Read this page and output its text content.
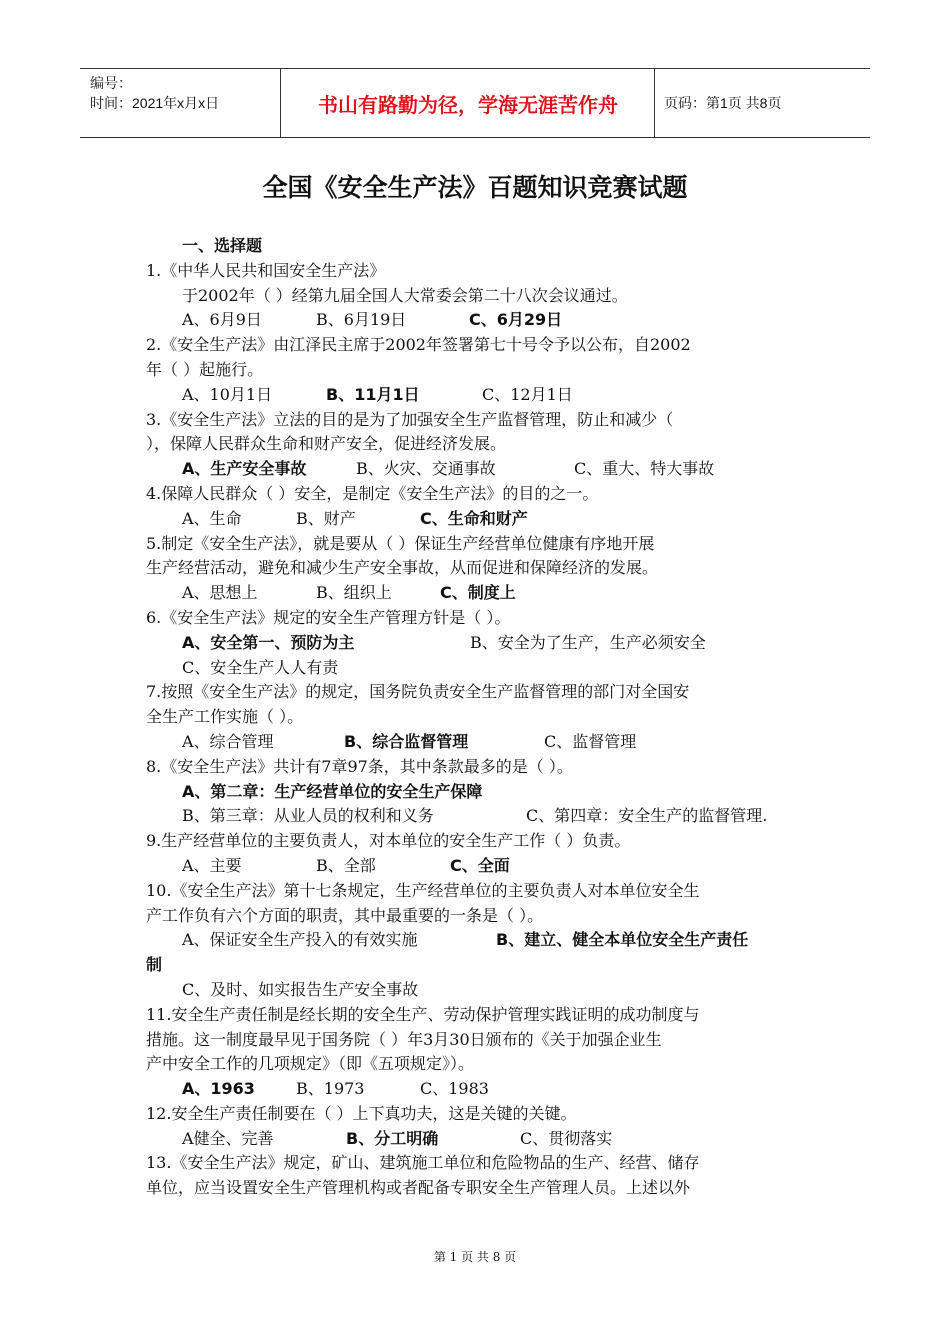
编号：
时间：2021年x月x日	书山有路勤为径，学海无涯苦作舟	页码：第1页 共8页
全国《安全生产法》百题知识竞赛试题
一、选择题
1.《中华人民共和国安全生产法》
于2002年（ ）经第九届全国人大常委会第二十八次会议通过。
A、6月9日	B、6月19日	C、6月29日
2.《安全生产法》由江泽民主席于2002年签署第七十号令予以公布，自2002
年（ ）起施行。
A、10月1日	B、11月1日	C、12月1日
3.《安全生产法》立法的目的是为了加强安全生产监督管理，防止和减少（
），保障人民群众生命和财产安全，促进经济发展。
A、生产安全事故	B、火灾、交通事故	C、重大、特大事故
4.保障人民群众（ ）安全，是制定《安全生产法》的目的之一。
A、生命	B、财产	C、生命和财产
5.制定《安全生产法》，就是要从（ ）保证生产经营单位健康有序地开展
生产经营活动，避免和减少生产安全事故，从而促进和保障经济的发展。
A、思想上	B、组织上	C、制度上
6.《安全生产法》规定的安全生产管理方针是（ ）。
A、安全第一、预防为主	B、安全为了生产，生产必须安全
C、安全生产人人有责
7.按照《安全生产法》的规定，国务院负责安全生产监督管理的部门对全国安
全生产工作实施（ ）。
A、综合管理	B、综合监督管理	C、监督管理
8.《安全生产法》共计有7章97条，其中条款最多的是（ ）。
A、第二章：生产经营单位的安全生产保障
B、第三章：从业人员的权利和义务	C、第四章：安全生产的监督管理.
9.生产经营单位的主要负责人，对本单位的安全生产工作（ ）负责。
A、主要	B、全部	C、全面
10.《安全生产法》第十七条规定，生产经营单位的主要负责人对本单位安全生
产工作负有六个方面的职责，其中最重要的一条是（ ）。
A、保证安全生产投入的有效实施	B、建立、健全本单位安全生产责任
制
C、及时、如实报告生产安全事故
11.安全生产责任制是经长期的安全生产、劳动保护管理实践证明的成功制度与
措施。这一制度最早见于国务院（ ）年3月30日颁布的《关于加强企业生
产中安全工作的几项规定》（即《五项规定》）。
A、1963	B、1973	C、1983
12.安全生产责任制要在（ ）上下真功夫，这是关键的关键。
A健全、完善	B、分工明确	C、贯彻落实
13.《安全生产法》规定，矿山、建筑施工单位和危险物品的生产、经营、储存
单位，应当设置安全生产管理机构或者配备专职安全生产管理人员。上述以外
第 1 页 共 8 页
